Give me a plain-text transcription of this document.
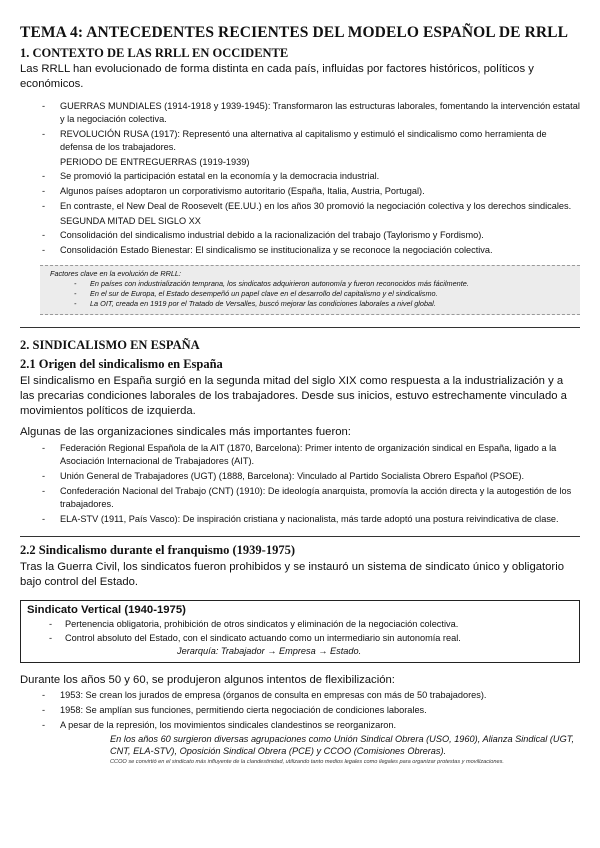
TEMA 4: ANTECEDENTES RECIENTES DEL MODELO ESPAÑOL DE RRLL
1. CONTEXTO DE LAS RRLL EN OCCIDENTE

Las RRLL han evolucionado de forma distinta en cada país, influidas por factores históricos, políticos y económicos.

- GUERRAS MUNDIALES (1914-1918 y 1939-1945): Transformaron las estructuras laborales, fomentando la intervención estatal y la negociación colectiva.
- REVOLUCIÓN RUSA (1917): Representó una alternativa al capitalismo y estimuló el sindicalismo como herramienta de defensa de los trabajadores.
PERIODO DE ENTREGUERRAS (1919-1939)
- Se promovió la participación estatal en la economía y la democracia industrial.
- Algunos países adoptaron un corporativismo autoritario (España, Italia, Austria, Portugal).
- En contraste, el New Deal de Roosevelt (EE.UU.) en los años 30 promovió la negociación colectiva y los derechos sindicales.
SEGUNDA MITAD DEL SIGLO XX
- Consolidación del sindicalismo industrial debido a la racionalización del trabajo (Taylorismo y Fordismo).
- Consolidación Estado Bienestar: El sindicalismo se institucionaliza y se reconoce la negociación colectiva.
Factores clave en la evolución de RRLL:
- En países con industrialización temprana, los sindicatos adquirieron autonomía y fueron reconocidos más fácilmente.
- En el sur de Europa, el Estado desempeñó un papel clave en el desarrollo del capitalismo y el sindicalismo.
- La OIT, creada en 1919 por el Tratado de Versalles, buscó mejorar las condiciones laborales a nivel global.
2. SINDICALISMO EN ESPAÑA
2.1 Origen del sindicalismo en España

El sindicalismo en España surgió en la segunda mitad del siglo XIX como respuesta a la industrialización y a las precarias condiciones laborales de los trabajadores. Desde sus inicios, estuvo estrechamente vinculado a movimientos políticos de izquierda.

Algunas de las organizaciones sindicales más importantes fueron:

- Federación Regional Española de la AIT (1870, Barcelona): Primer intento de organización sindical en España, ligado a la Asociación Internacional de Trabajadores (AIT).
- Unión General de Trabajadores (UGT) (1888, Barcelona): Vinculado al Partido Socialista Obrero Español (PSOE).
- Confederación Nacional del Trabajo (CNT) (1910): De ideología anarquista, promovía la acción directa y la autogestión de los trabajadores.
- ELA-STV (1911, País Vasco): De inspiración cristiana y nacionalista, más tarde adoptó una postura reivindicativa de clase.
2.2 Sindicalismo durante el franquismo (1939-1975)

Tras la Guerra Civil, los sindicatos fueron prohibidos y se instauró un sistema de sindicato único y obligatorio bajo control del Estado.

Sindicato Vertical (1940-1975)
- Pertenencia obligatoria, prohibición de otros sindicatos y eliminación de la negociación colectiva.
- Control absoluto del Estado, con el sindicato actuando como un intermediario sin autonomía real.
Jerarquía: Trabajador → Empresa → Estado.

Durante los años 50 y 60, se produjeron algunos intentos de flexibilización:

- 1953: Se crean los jurados de empresa (órganos de consulta en empresas con más de 50 trabajadores).
- 1958: Se amplían sus funciones, permitiendo cierta negociación de condiciones laborales.
- A pesar de la represión, los movimientos sindicales clandestinos se reorganizaron.
En los años 60 surgieron diversas agrupaciones como Unión Sindical Obrera (USO, 1960), Alianza Sindical (UGT, CNT, ELA-STV), Oposición Sindical Obrera (PCE) y CCOO (Comisiones Obreras).
CCOO se convirtió en el sindicato más influyente de la clandestinidad, utilizando tanto medios legales como ilegales para organizar protestas y movilizaciones.
